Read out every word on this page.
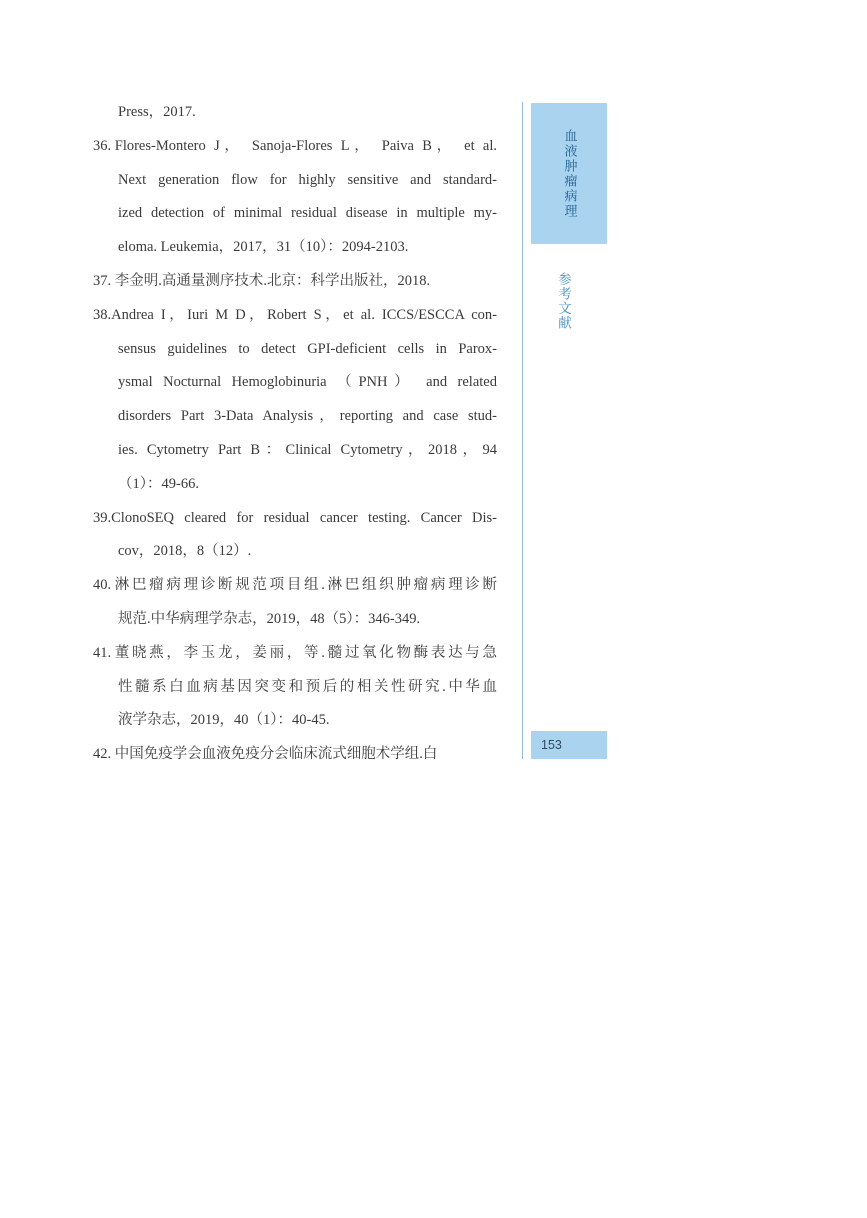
Press，2017.
36. Flores-Montero J， Sanoja-Flores L， Paiva B， et al.
Next generation flow for highly sensitive and standard-
ized detection of minimal residual disease in multiple my-
eloma. Leukemia，2017，31（10）：2094-2103.
37. 李金明.高通量测序技术.北京：科学出版社，2018.
38. Andrea I，Iuri M D，Robert S，et al. ICCS/ESCCA con-
sensus guidelines to detect GPI-deficient cells in Parox-
ysmal Nocturnal Hemoglobinuria （PNH） and related
disorders Part 3-Data Analysis，reporting and case stud-
ies. Cytometry Part B：Clinical Cytometry，2018，94
（1）：49-66.
39. ClonoSEQ cleared for residual cancer testing. Cancer Dis-
cov，2018，8（12）.
40. 淋巴瘤病理诊断规范项目组.淋巴组织肿瘤病理诊断
规范.中华病理学杂志，2019，48（5）：346-349.
41. 董晓燕，李玉龙，姜丽，等.髓过氧化物酶表达与急
性髓系白血病基因突变和预后的相关性研究.中华血
液学杂志，2019，40（1）：40-45.
42. 中国免疫学会血液免疫分会临床流式细胞术学组.白
血液肿瘤病理
参考文献
153
